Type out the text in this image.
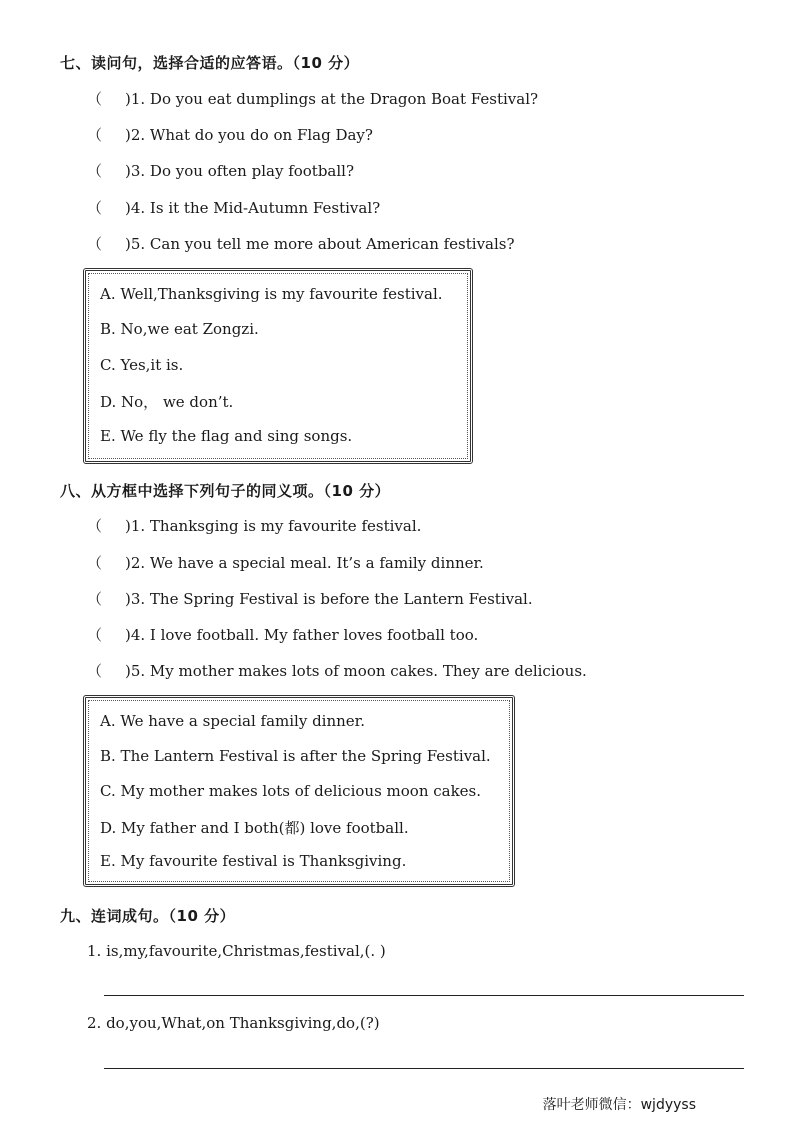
七、读问句，选择合适的应答语。（10 分）
（ )1. Do you eat dumplings at the Dragon Boat Festival?
（ )2. What do you do on Flag Day?
（ )3. Do you often play football?
（ )4. Is it the Mid-Autumn Festival?
（ )5. Can you tell me more about American festivals?
A. Well,Thanksgiving is my favourite festival.
B. No,we eat Zongzi.
C. Yes,it is.
D. No， we don’t.
E. We fly the flag and sing songs.
八、从方框中选择下列句子的同义项。（10 分）
（ )1. Thanksging is my favourite festival.
（ )2. We have a special meal. It’s a family dinner.
（ )3. The Spring Festival is before the Lantern Festival.
（ )4. I love football. My father loves football too.
（ )5. My mother makes lots of moon cakes. They are delicious.
A. We have a special family dinner.
B. The Lantern Festival is after the Spring Festival.
C. My mother makes lots of delicious moon cakes.
D. My father and I both(都) love football.
E. My favourite festival is Thanksgiving.
九、连词成句。（10 分）
1. is,my,favourite,Christmas,festival,(. )
2. do,you,What,on Thanksgiving,do,(?)
落叶老师微信：wjdyyss
